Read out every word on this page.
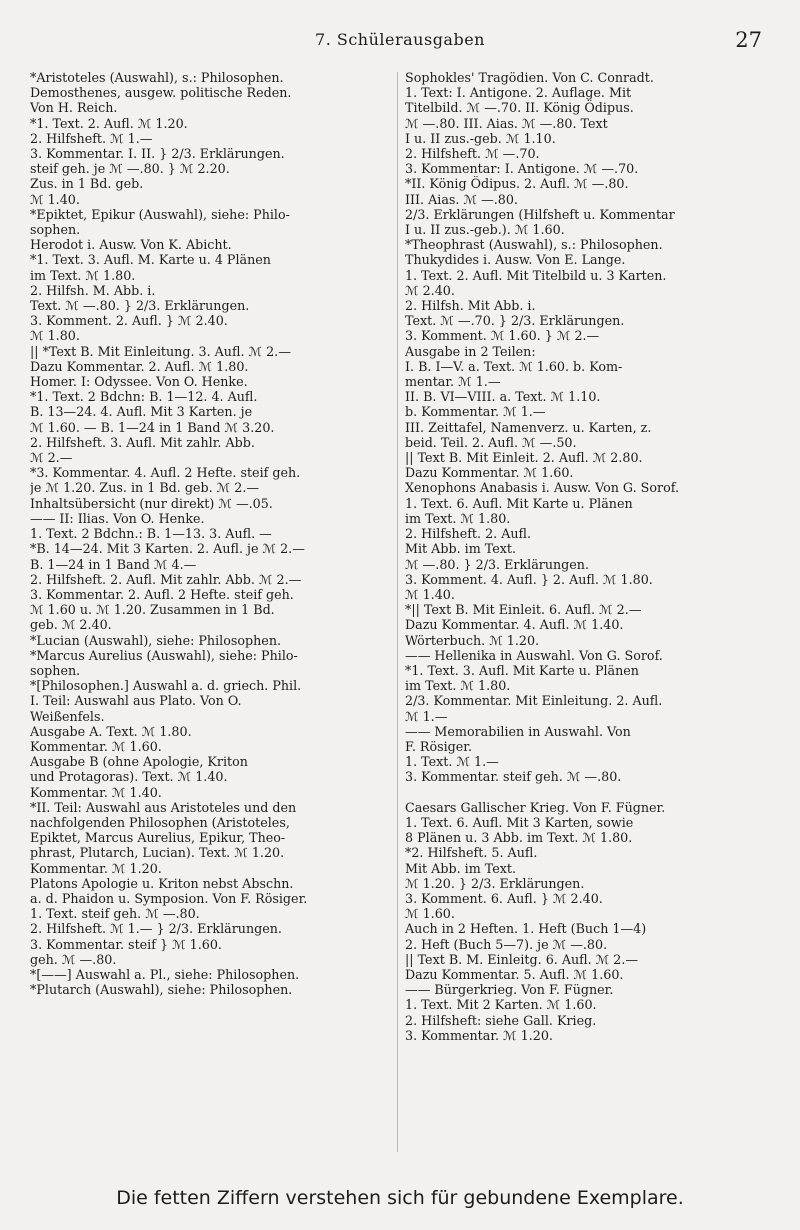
7. Schülerausgaben	27
*Aristoteles (Auswahl), s.: Philosophen.
Demosthenes, ausgew. politische Reden.
Von H. Reich.
*1. Text. 2. Aufl. ℳ 1.20.
2. Hilfsheft. ℳ 1.—
3. Kommentar. I. II. } 2/3. Erklärungen.
steif geh. je ℳ —.80. } ℳ 2.20.
Zus. in 1 Bd. geb.
ℳ 1.40.
*Epiktet, Epikur (Auswahl), siehe: Philo-
sophen.
Herodot i. Ausw. Von K. Abicht.
*1. Text. 3. Aufl. M. Karte u. 4 Plänen
im Text. ℳ 1.80.
2. Hilfsh. M. Abb. i.
Text. ℳ —.80. } 2/3. Erklärungen.
3. Komment. 2. Aufl. } ℳ 2.40.
ℳ 1.80.
|| *Text B. Mit Einleitung. 3. Aufl. ℳ 2.—
Dazu Kommentar. 2. Aufl. ℳ 1.80.
Homer. I: Odyssee. Von O. Henke.
*1. Text. 2 Bdchn: B. 1—12. 4. Aufl.
B. 13—24. 4. Aufl. Mit 3 Karten. je
ℳ 1.60. — B. 1—24 in 1 Band ℳ 3.20.
2. Hilfsheft. 3. Aufl. Mit zahlr. Abb.
ℳ 2.—
*3. Kommentar. 4. Aufl. 2 Hefte. steif geh.
je ℳ 1.20. Zus. in 1 Bd. geb. ℳ 2.—
Inhaltsübersicht (nur direkt) ℳ —.05.
—— II: Ilias. Von O. Henke.
1. Text. 2 Bdchn.: B. 1—13. 3. Aufl. —
*B. 14—24. Mit 3 Karten. 2. Aufl. je ℳ 2.—
B. 1—24 in 1 Band ℳ 4.—
2. Hilfsheft. 2. Aufl. Mit zahlr. Abb. ℳ 2.—
3. Kommentar. 2. Aufl. 2 Hefte. steif geh.
ℳ 1.60 u. ℳ 1.20. Zusammen in 1 Bd.
geb. ℳ 2.40.
*Lucian (Auswahl), siehe: Philosophen.
*Marcus Aurelius (Auswahl), siehe: Philo-
sophen.
*[Philosophen.] Auswahl a. d. griech. Phil.
I. Teil: Auswahl aus Plato. Von O.
Weißenfels.
Ausgabe A. Text. ℳ 1.80.
Kommentar. ℳ 1.60.
Ausgabe B (ohne Apologie, Kriton
und Protagoras). Text. ℳ 1.40.
Kommentar. ℳ 1.40.
*II. Teil: Auswahl aus Aristoteles und den
nachfolgenden Philosophen (Aristoteles,
Epiktet, Marcus Aurelius, Epikur, Theo-
phrast, Plutarch, Lucian). Text. ℳ 1.20.
Kommentar. ℳ 1.20.
Platons Apologie u. Kriton nebst Abschn.
a. d. Phaidon u. Symposion. Von F. Rösiger.
1. Text. steif geh. ℳ —.80.
2. Hilfsheft. ℳ 1.— } 2/3. Erklärungen.
3. Kommentar. steif } ℳ 1.60.
geh. ℳ —.80.
*[——] Auswahl a. Pl., siehe: Philosophen.
*Plutarch (Auswahl), siehe: Philosophen.
Sophokles' Tragödien. Von C. Conradt.
1. Text: I. Antigone. 2. Auflage. Mit
Titelbild. ℳ —.70. II. König Ödipus.
ℳ —.80. III. Aias. ℳ —.80. Text
I u. II zus.-geb. ℳ 1.10.
2. Hilfsheft. ℳ —.70.
3. Kommentar: I. Antigone. ℳ —.70.
*II. König Ödipus. 2. Aufl. ℳ —.80.
III. Aias. ℳ —.80.
2/3. Erklärungen (Hilfsheft u. Kommentar
I u. II zus.-geb.). ℳ 1.60.
*Theophrast (Auswahl), s.: Philosophen.
Thukydides i. Ausw. Von E. Lange.
1. Text. 2. Aufl. Mit Titelbild u. 3 Karten.
ℳ 2.40.
2. Hilfsh. Mit Abb. i.
Text. ℳ —.70. } 2/3. Erklärungen.
3. Komment. ℳ 1.60. } ℳ 2.—
Ausgabe in 2 Teilen:
I. B. I—V. a. Text. ℳ 1.60. b. Kom-
mentar. ℳ 1.—
II. B. VI—VIII. a. Text. ℳ 1.10.
b. Kommentar. ℳ 1.—
III. Zeittafel, Namenverz. u. Karten, z.
beid. Teil. 2. Aufl. ℳ —.50.
|| Text B. Mit Einleit. 2. Aufl. ℳ 2.80.
Dazu Kommentar. ℳ 1.60.
Xenophons Anabasis i. Ausw. Von G. Sorof.
1. Text. 6. Aufl. Mit Karte u. Plänen
im Text. ℳ 1.80.
2. Hilfsheft. 2. Aufl.
Mit Abb. im Text.
ℳ —.80. } 2/3. Erklärungen.
3. Komment. 4. Aufl. } 2. Aufl. ℳ 1.80.
ℳ 1.40.
*|| Text B. Mit Einleit. 6. Aufl. ℳ 2.—
Dazu Kommentar. 4. Aufl. ℳ 1.40.
Wörterbuch. ℳ 1.20.
—— Hellenika in Auswahl. Von G. Sorof.
*1. Text. 3. Aufl. Mit Karte u. Plänen
im Text. ℳ 1.80.
2/3. Kommentar. Mit Einleitung. 2. Aufl.
ℳ 1.—
—— Memorabilien in Auswahl. Von
F. Rösiger.
1. Text. ℳ 1.—
3. Kommentar. steif geh. ℳ —.80.
Caesars Gallischer Krieg. Von F. Fügner.
1. Text. 6. Aufl. Mit 3 Karten, sowie
8 Plänen u. 3 Abb. im Text. ℳ 1.80.
*2. Hilfsheft. 5. Aufl.
Mit Abb. im Text.
ℳ 1.20. } 2/3. Erklärungen.
3. Komment. 6. Aufl. } ℳ 2.40.
ℳ 1.60.
Auch in 2 Heften. 1. Heft (Buch 1—4)
2. Heft (Buch 5—7). je ℳ —.80.
|| Text B. M. Einleitg. 6. Aufl. ℳ 2.—
Dazu Kommentar. 5. Aufl. ℳ 1.60.
—— Bürgerkrieg. Von F. Fügner.
1. Text. Mit 2 Karten. ℳ 1.60.
2. Hilfsheft: siehe Gall. Krieg.
3. Kommentar. ℳ 1.20.
Die fetten Ziffern verstehen sich für gebundene Exemplare.
